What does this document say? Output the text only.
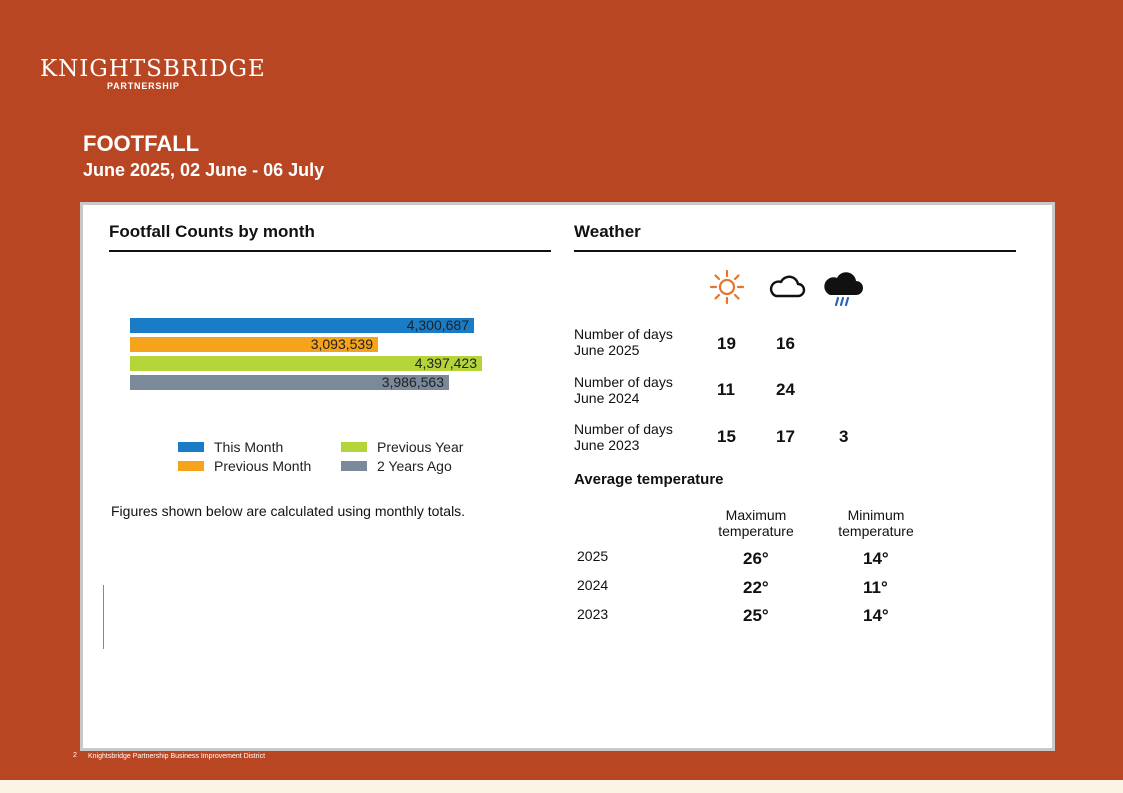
KNIGHTSBRIDGE
PARTNERSHIP
FOOTFALL
June 2025, 02 June - 06 July
Footfall Counts by month
4,300,687
3,093,539
4,397,423
3,986,563
This Month
Previous Month
Previous Year
2 Years Ago
Figures shown below are calculated using monthly totals.
Weather
Number of days
June 2025	19 16
Number of days
June 2024	11 24
Number of days
June 2023	15 17	3
Average temperature
Maximum
temperature
Minimum
temperature
2025	26°	14°
2024	22°	11°
2023	25°	14°
2 Knightsbridge Partnership Business Improvement District
